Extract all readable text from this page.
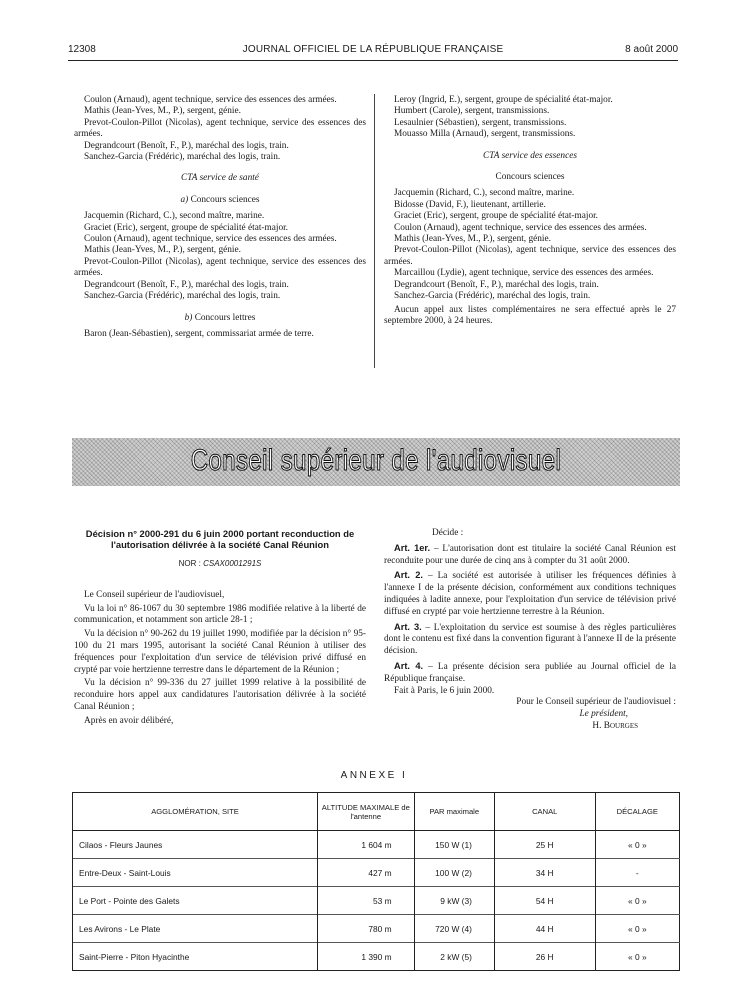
12308	JOURNAL OFFICIEL DE LA RÉPUBLIQUE FRANÇAISE	8 août 2000

Coulon (Arnaud), agent technique, service des essences des armées.

Mathis (Jean-Yves, M., P.), sergent, génie.

Prevot-Coulon-Pillot (Nicolas), agent technique, service des essences des armées.

Degrandcourt (Benoît, F., P.), maréchal des logis, train.

Sanchez-Garcia (Frédéric), maréchal des logis, train.

CTA service de santé

a) Concours sciences

Jacquemin (Richard, C.), second maître, marine.

Graciet (Eric), sergent, groupe de spécialité état-major.

Coulon (Arnaud), agent technique, service des essences des armées.

Mathis (Jean-Yves, M., P.), sergent, génie.

Prevot-Coulon-Pillot (Nicolas), agent technique, service des essences des armées.

Degrandcourt (Benoît, F., P.), maréchal des logis, train.

Sanchez-Garcia (Frédéric), maréchal des logis, train.

b) Concours lettres

Baron (Jean-Sébastien), sergent, commissariat armée de terre.

Leroy (Ingrid, E.), sergent, groupe de spécialité état-major.

Humbert (Carole), sergent, transmissions.

Lesaulnier (Sébastien), sergent, transmissions.

Mouasso Milla (Arnaud), sergent, transmissions.

CTA service des essences

Concours sciences

Jacquemin (Richard, C.), second maître, marine.

Bidosse (David, F.), lieutenant, artillerie.

Graciet (Eric), sergent, groupe de spécialité état-major.

Coulon (Arnaud), agent technique, service des essences des armées.

Mathis (Jean-Yves, M., P.), sergent, génie.

Prevot-Coulon-Pillot (Nicolas), agent technique, service des essences des armées.

Marcaillou (Lydie), agent technique, service des essences des armées.

Degrandcourt (Benoît, F., P.), maréchal des logis, train.

Sanchez-Garcia (Frédéric), maréchal des logis, train.

Aucun appel aux listes complémentaires ne sera effectué après le 27 septembre 2000, à 24 heures.

Conseil supérieur de l'audiovisuel
Décision n° 2000-291 du 6 juin 2000 portant reconduction de l'autorisation délivrée à la société Canal Réunion
NOR : CSAX0001291S

Le Conseil supérieur de l'audiovisuel,

Vu la loi n° 86-1067 du 30 septembre 1986 modifiée relative à la liberté de communication, et notamment son article 28-1 ;

Vu la décision n° 90-262 du 19 juillet 1990, modifiée par la décision n° 95-100 du 21 mars 1995, autorisant la société Canal Réunion à utiliser des fréquences pour l'exploitation d'un service de télévision privé diffusé en crypté par voie hertzienne terrestre dans le département de la Réunion ;

Vu la décision n° 99-336 du 27 juillet 1999 relative à la possibilité de reconduire hors appel aux candidatures l'autorisation délivrée à la société Canal Réunion ;

Après en avoir délibéré,

Décide :

Art. 1er. – L'autorisation dont est titulaire la société Canal Réunion est reconduite pour une durée de cinq ans à compter du 31 août 2000.

Art. 2. – La société est autorisée à utiliser les fréquences définies à l'annexe I de la présente décision, conformément aux conditions techniques indiquées à ladite annexe, pour l'exploitation d'un service de télévision privé diffusé en crypté par voie hertzienne terrestre à la Réunion.

Art. 3. – L'exploitation du service est soumise à des règles particulières dont le contenu est fixé dans la convention figurant à l'annexe II de la présente décision.

Art. 4. – La présente décision sera publiée au Journal officiel de la République française.

Fait à Paris, le 6 juin 2000.

Pour le Conseil supérieur de l'audiovisuel :

Le président,

H. Bourges

ANNEXE I
AGGLOMÉRATION, SITE	ALTITUDE MAXIMALE de l'antenne	PAR maximale	CANAL	DÉCALAGE
Cilaos - Fleurs Jaunes	1 604 m	150 W (1)	25 H	« 0 »
Entre-Deux - Saint-Louis	427 m	100 W (2)	34 H	-
Le Port - Pointe des Galets	53 m	9 kW (3)	54 H	« 0 »
Les Avirons - Le Plate	780 m	720 W (4)	44 H	« 0 »
Saint-Pierre - Piton Hyacinthe	1 390 m	2 kW (5)	26 H	« 0 »
